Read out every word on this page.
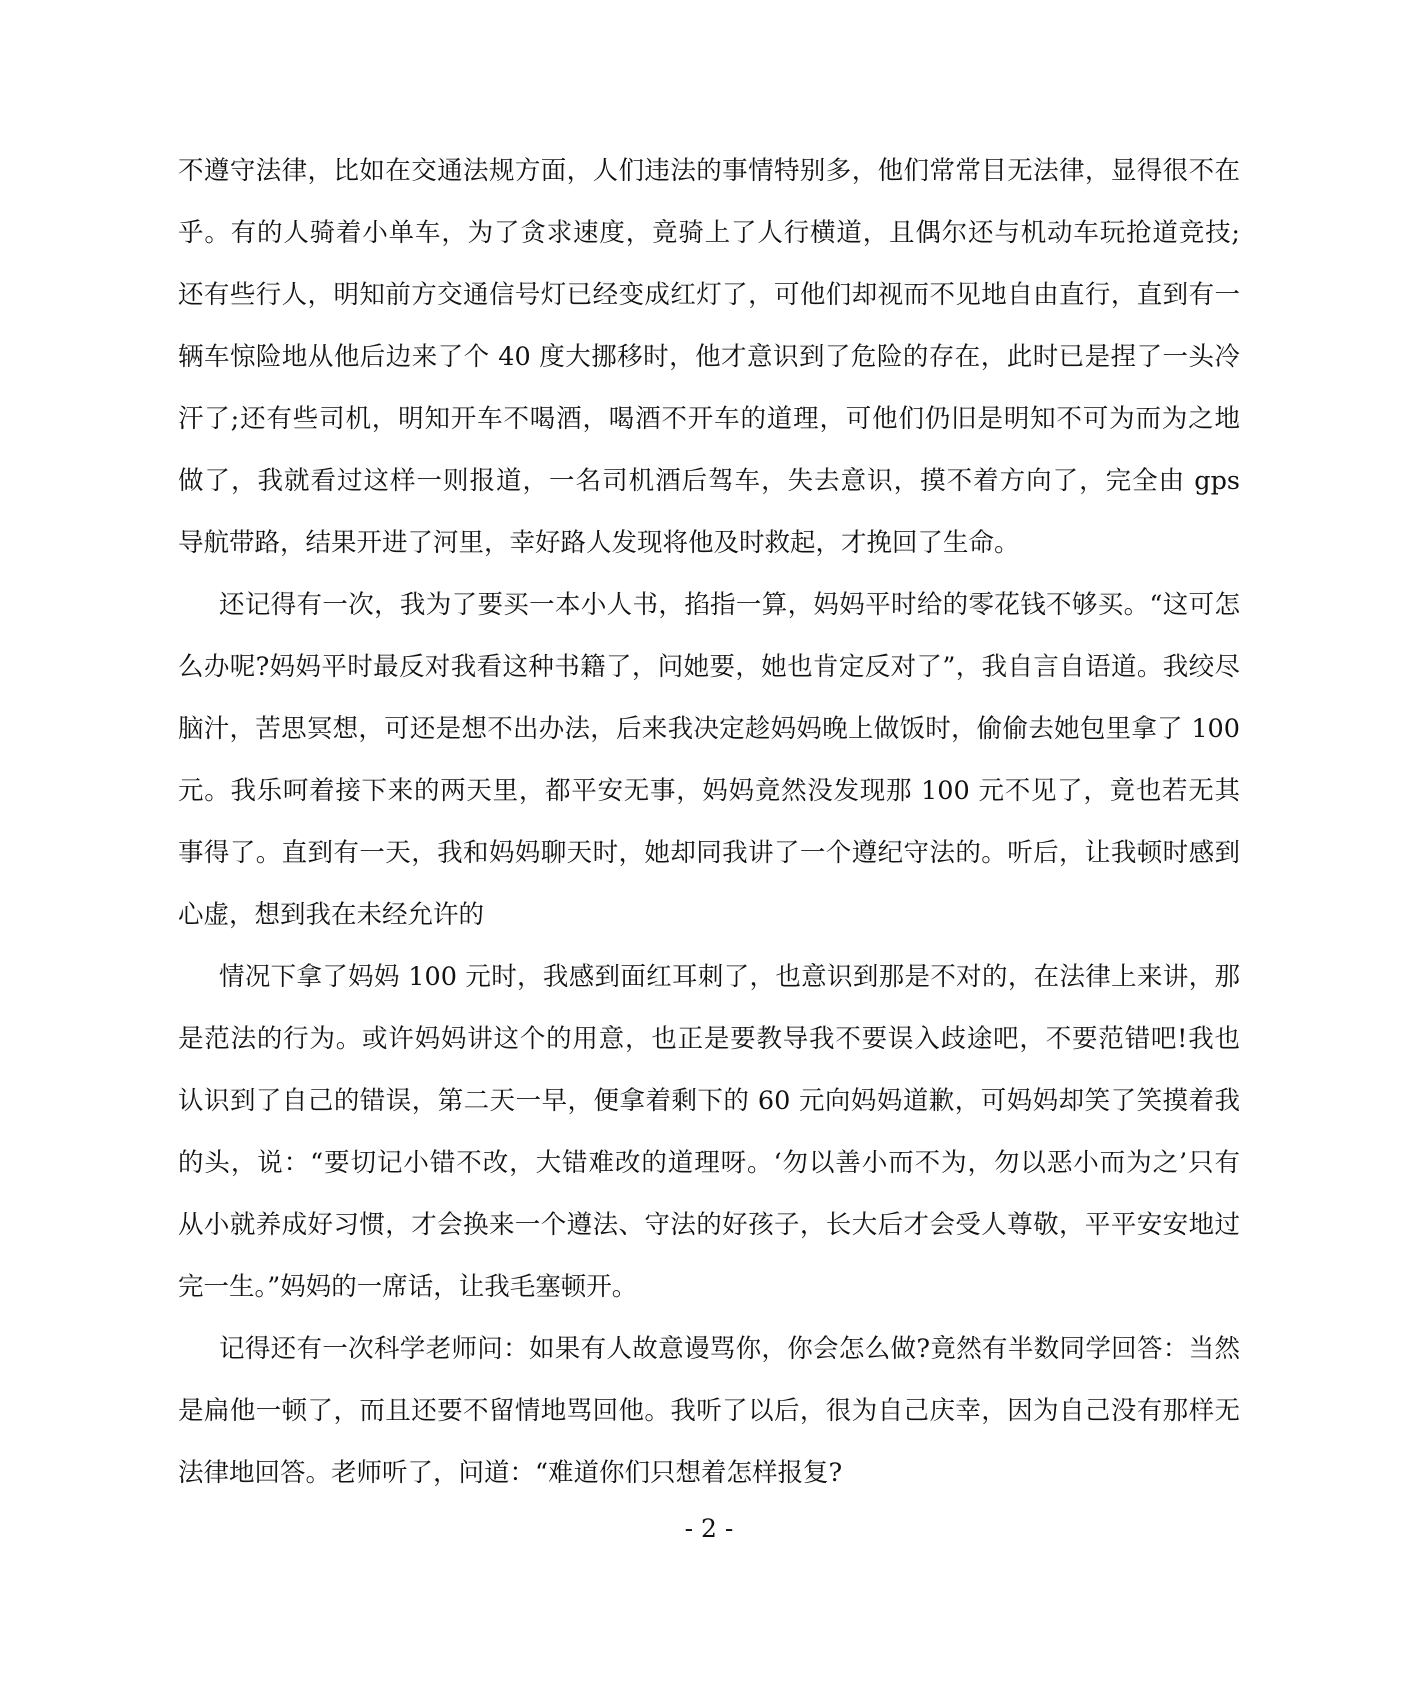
不遵守法律，比如在交通法规方面，人们违法的事情特别多，他们常常目无法律，显得很不在
乎。有的人骑着小单车，为了贪求速度，竟骑上了人行横道，且偶尔还与机动车玩抢道竞技;
还有些行人，明知前方交通信号灯已经变成红灯了，可他们却视而不见地自由直行，直到有一
辆车惊险地从他后边来了个 40 度大挪移时，他才意识到了危险的存在，此时已是捏了一头冷
汗了;还有些司机，明知开车不喝酒，喝酒不开车的道理，可他们仍旧是明知不可为而为之地
做了，我就看过这样一则报道，一名司机酒后驾车，失去意识，摸不着方向了，完全由 gps
导航带路，结果开进了河里，幸好路人发现将他及时救起，才挽回了生命。
还记得有一次，我为了要买一本小人书，掐指一算，妈妈平时给的零花钱不够买。“这可怎
么办呢?妈妈平时最反对我看这种书籍了，问她要，她也肯定反对了”，我自言自语道。我绞尽
脑汁，苦思冥想，可还是想不出办法，后来我决定趁妈妈晚上做饭时，偷偷去她包里拿了 100
元。我乐呵着接下来的两天里，都平安无事，妈妈竟然没发现那 100 元不见了，竟也若无其
事得了。直到有一天，我和妈妈聊天时，她却同我讲了一个遵纪守法的。听后，让我顿时感到
心虚，想到我在未经允许的
情况下拿了妈妈 100 元时，我感到面红耳刺了，也意识到那是不对的，在法律上来讲，那
是范法的行为。或许妈妈讲这个的用意，也正是要教导我不要误入歧途吧，不要范错吧!我也
认识到了自己的错误，第二天一早，便拿着剩下的 60 元向妈妈道歉，可妈妈却笑了笑摸着我
的头，说：“要切记小错不改，大错难改的道理呀。‘勿以善小而不为，勿以恶小而为之’只有
从小就养成好习惯，才会换来一个遵法、守法的好孩子，长大后才会受人尊敬，平平安安地过
完一生。”妈妈的一席话，让我毛塞顿开。
记得还有一次科学老师问：如果有人故意谩骂你，你会怎么做?竟然有半数同学回答：当然
是扁他一顿了，而且还要不留情地骂回他。我听了以后，很为自己庆幸，因为自己没有那样无
法律地回答。老师听了，问道：“难道你们只想着怎样报复?
- 2 -
